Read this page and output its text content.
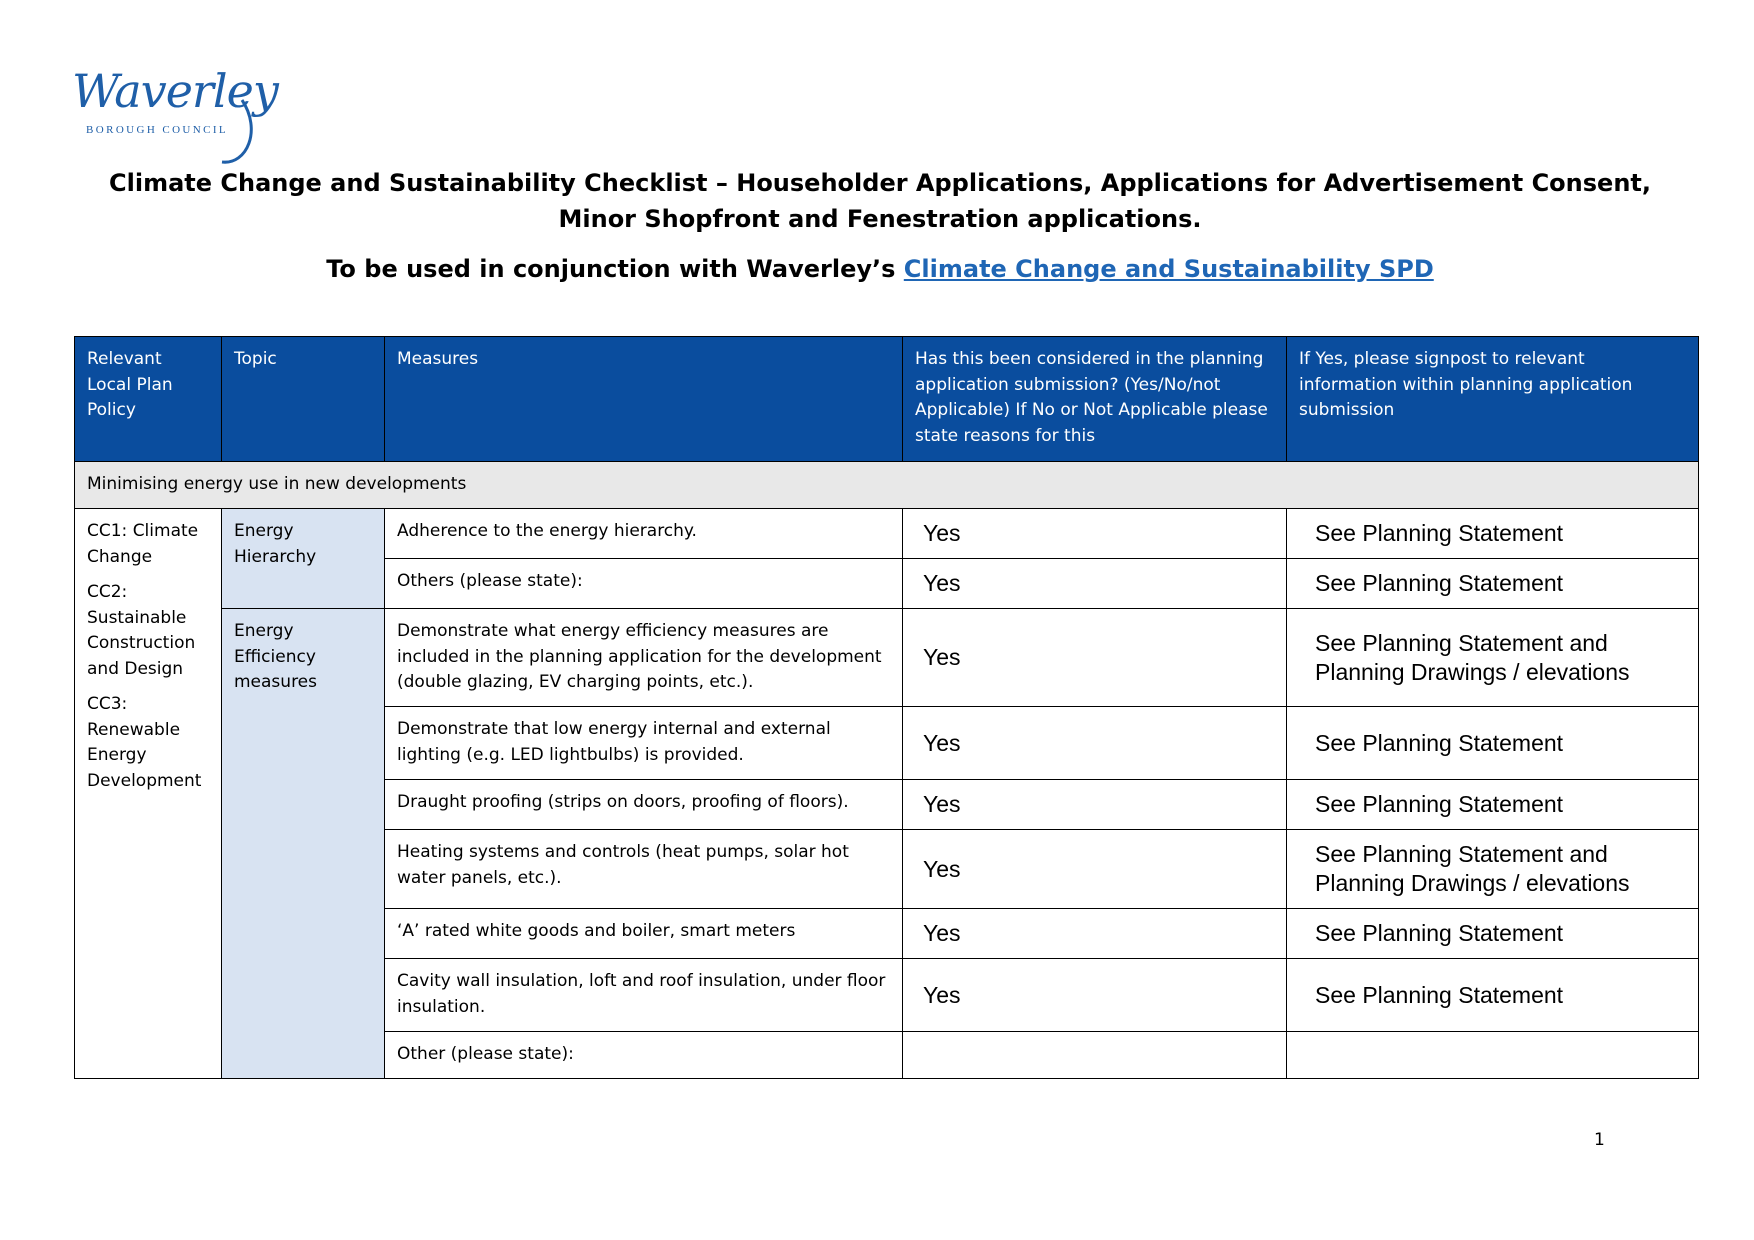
Waverley
BOROUGH COUNCIL
Climate Change and Sustainability Checklist – Householder Applications, Applications for Advertisement Consent, Minor Shopfront and Fenestration applications.
To be used in conjunction with Waverley’s Climate Change and Sustainability SPD
Relevant Local Plan Policy	Topic	Measures	Has this been considered in the planning application submission? (Yes/No/not Applicable) If No or Not Applicable please state reasons for this	If Yes, please signpost to relevant information within planning application submission
Minimising energy use in new developments				

CC1: Climate Change

CC2: Sustainable Construction and Design

CC3: Renewable Energy Development	Energy Hierarchy	Adherence to the energy hierarchy.	Yes	See Planning Statement
		Others (please state):	Yes	See Planning Statement
	Energy Efficiency measures	Demonstrate what energy efficiency measures are included in the planning application for the development (double glazing, EV charging points, etc.).	Yes	See Planning Statement and Planning Drawings / elevations
		Demonstrate that low energy internal and external lighting (e.g. LED lightbulbs) is provided.	Yes	See Planning Statement
		Draught proofing (strips on doors, proofing of floors).	Yes	See Planning Statement
		Heating systems and controls (heat pumps, solar hot water panels, etc.).	Yes	See Planning Statement and Planning Drawings / elevations
		‘A’ rated white goods and boiler, smart meters	Yes	See Planning Statement
		Cavity wall insulation, loft and roof insulation, under floor insulation.	Yes	See Planning Statement
		Other (please state):		
1
